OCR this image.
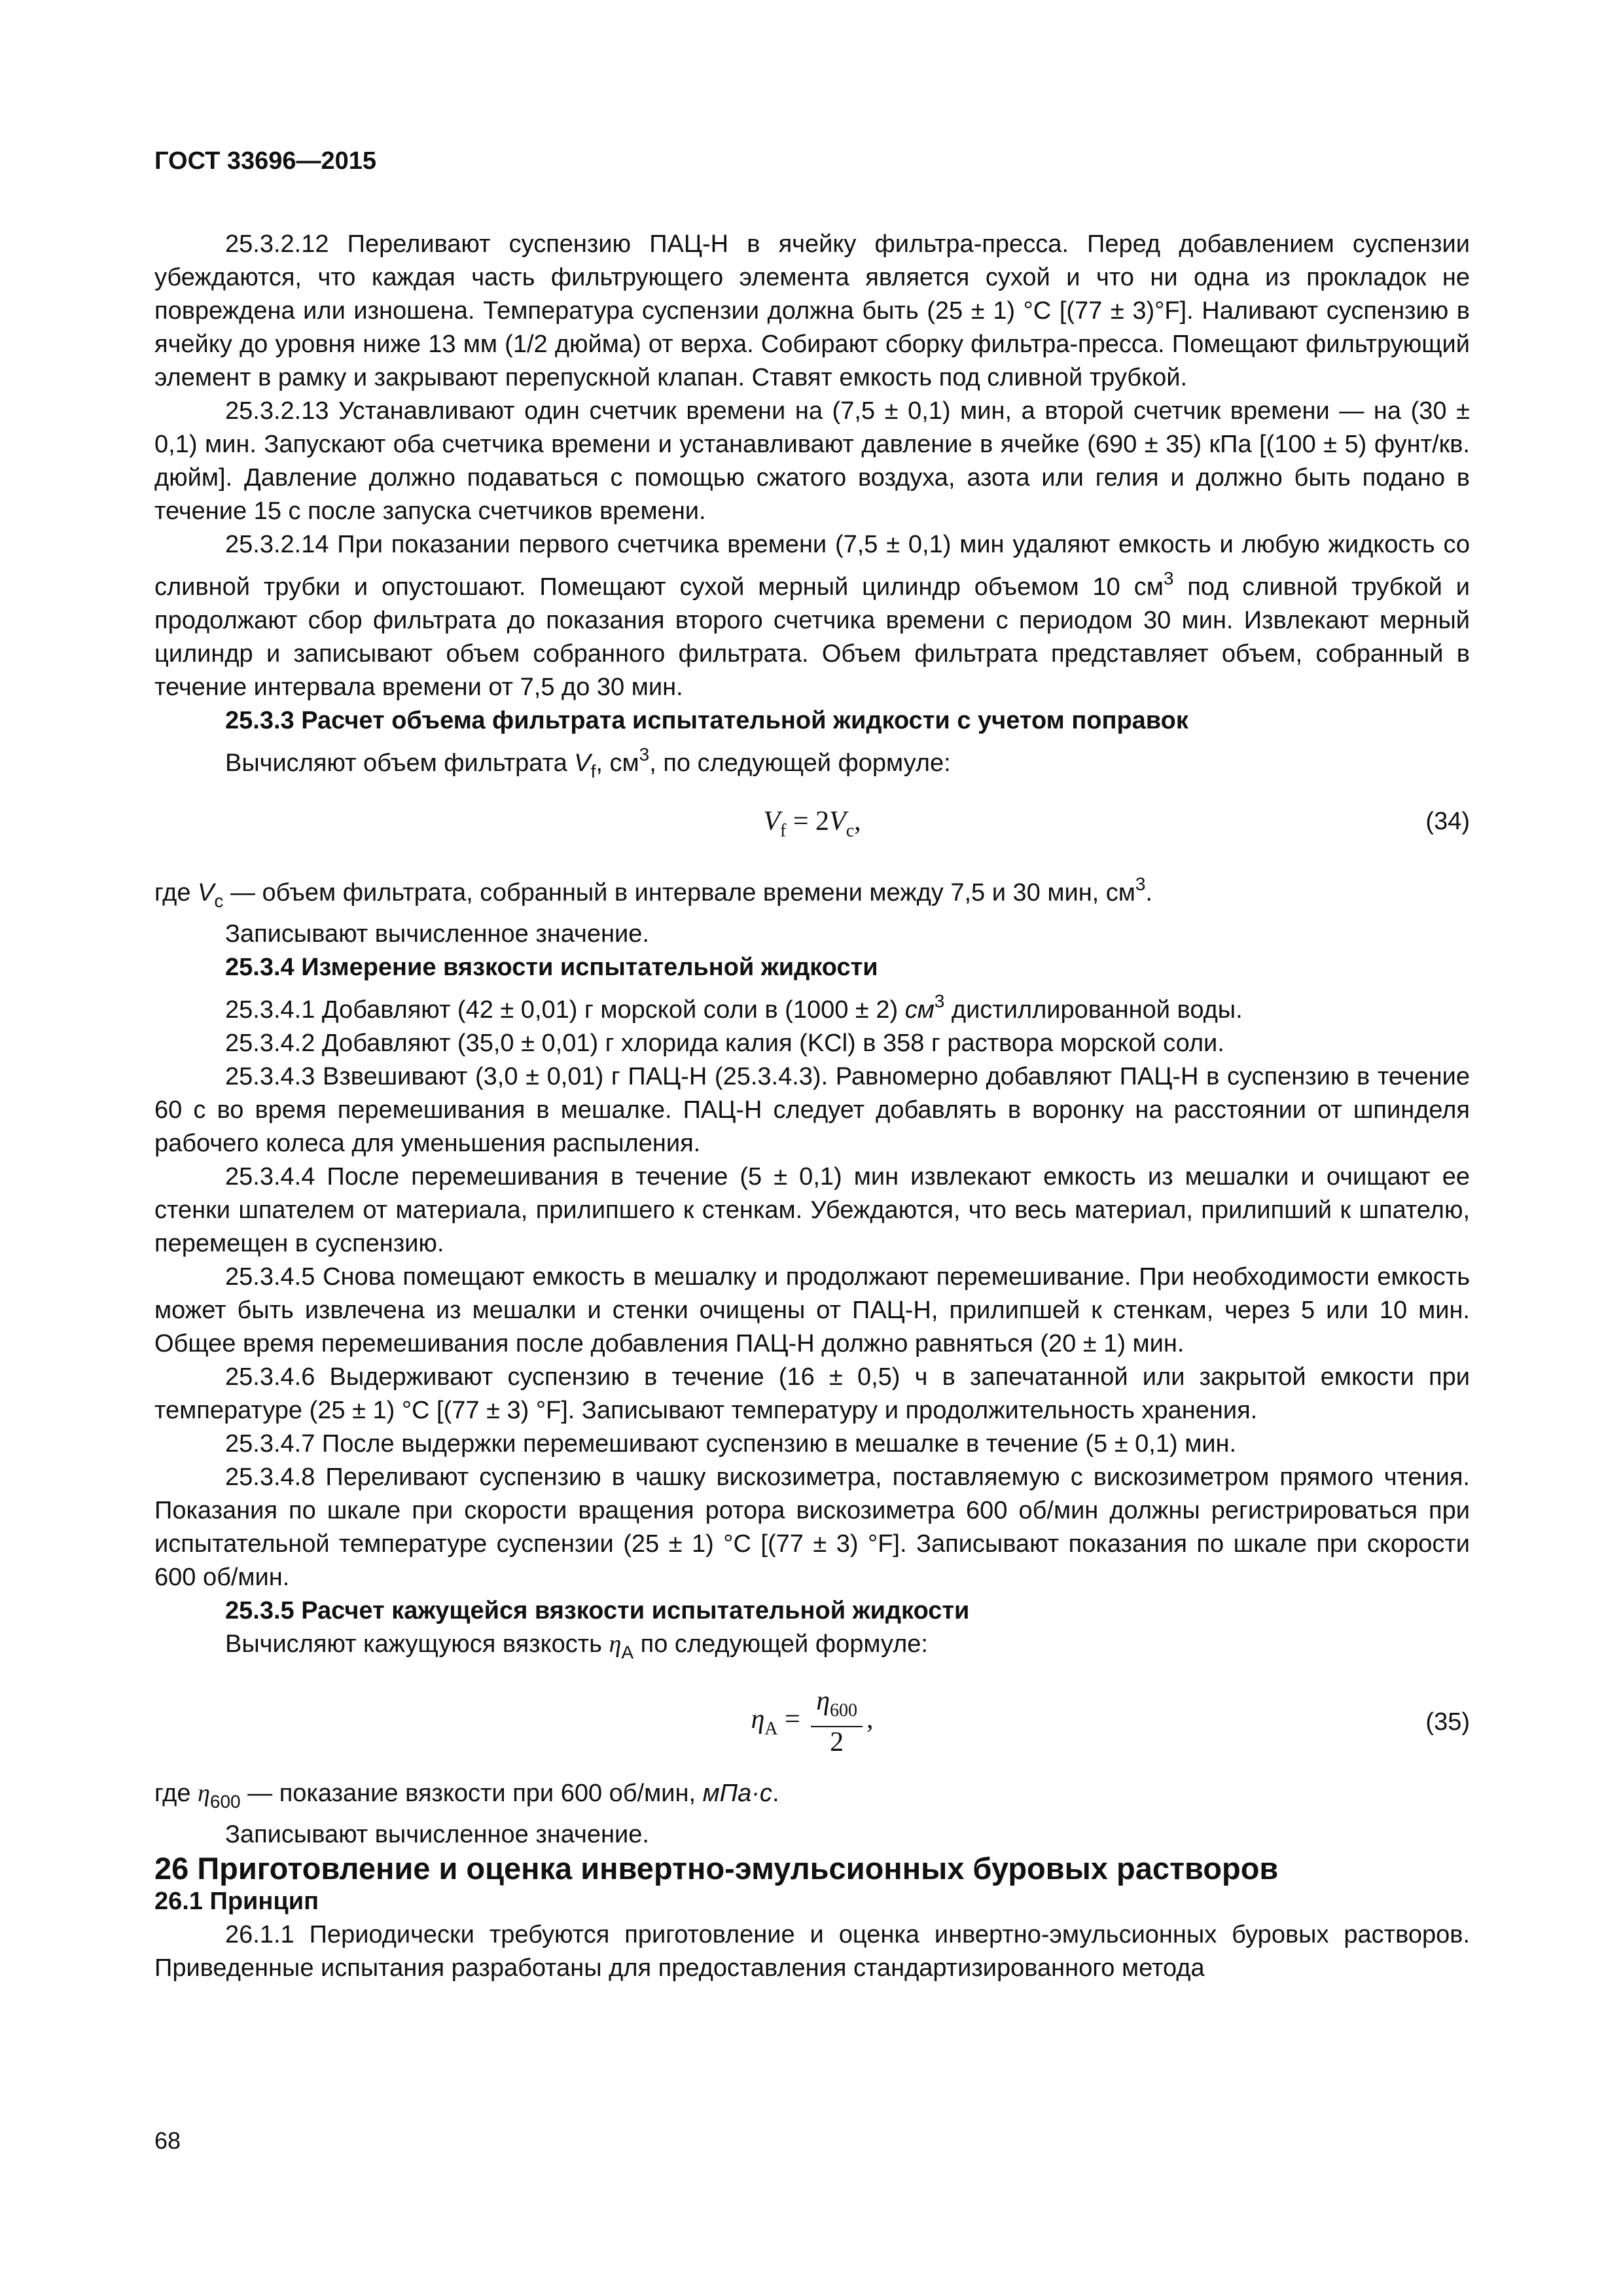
ГОСТ 33696—2015

25.3.2.12 Переливают суспензию ПАЦ-Н в ячейку фильтра-пресса. Перед добавлением суспензии убеждаются, что каждая часть фильтрующего элемента является сухой и что ни одна из прокладок не повреждена или изношена. Температура суспензии должна быть (25 ± 1) °С [(77 ± 3)°F]. Наливают суспензию в ячейку до уровня ниже 13 мм (1/2 дюйма) от верха. Собирают сборку фильтра-пресса. Помещают фильтрующий элемент в рамку и закрывают перепускной клапан. Ставят емкость под сливной трубкой.

25.3.2.13 Устанавливают один счетчик времени на (7,5 ± 0,1) мин, а второй счетчик времени — на (30 ± 0,1) мин. Запускают оба счетчика времени и устанавливают давление в ячейке (690 ± 35) кПа [(100 ± 5) фунт/кв. дюйм]. Давление должно подаваться с помощью сжатого воздуха, азота или гелия и должно быть подано в течение 15 с после запуска счетчиков времени.

25.3.2.14 При показании первого счетчика времени (7,5 ± 0,1) мин удаляют емкость и любую жидкость со сливной трубки и опустошают. Помещают сухой мерный цилиндр объемом 10 $см^3$ под сливной трубкой и продолжают сбор фильтрата до показания второго счетчика времени с периодом 30 мин. Извлекают мерный цилиндр и записывают объем собранного фильтрата. Объем фильтрата представляет объем, собранный в течение интервала времени от 7,5 до 30 мин.

25.3.3 Расчет объема фильтрата испытательной жидкости с учетом поправок

Вычисляют объем фильтрата $V_f$, $см^3$, по следующей формуле:

$V_f = 2V_c$,	(34)

где $V_c$ — объем фильтрата, собранный в интервале времени между 7,5 и 30 мин, $см^3$.

Записывают вычисленное значение.

25.3.4 Измерение вязкости испытательной жидкости

25.3.4.1 Добавляют (42 ± 0,01) г морской соли в (1000 ± 2) $см^3$ дистиллированной воды.

25.3.4.2 Добавляют (35,0 ± 0,01) г хлорида калия (KCl) в 358 г раствора морской соли.

25.3.4.3 Взвешивают (3,0 ± 0,01) г ПАЦ-Н (25.3.4.3). Равномерно добавляют ПАЦ-Н в суспензию в течение 60 с во время перемешивания в мешалке. ПАЦ-Н следует добавлять в воронку на расстоянии от шпинделя рабочего колеса для уменьшения распыления.

25.3.4.4 После перемешивания в течение (5 ± 0,1) мин извлекают емкость из мешалки и очищают ее стенки шпателем от материала, прилипшего к стенкам. Убеждаются, что весь материал, прилипший к шпателю, перемещен в суспензию.

25.3.4.5 Снова помещают емкость в мешалку и продолжают перемешивание. При необходимости емкость может быть извлечена из мешалки и стенки очищены от ПАЦ-Н, прилипшей к стенкам, через 5 или 10 мин. Общее время перемешивания после добавления ПАЦ-Н должно равняться (20 ± 1) мин.

25.3.4.6 Выдерживают суспензию в течение (16 ± 0,5) ч в запечатанной или закрытой емкости при температуре (25 ± 1) °С [(77 ± 3) °F]. Записывают температуру и продолжительность хранения.

25.3.4.7 После выдержки перемешивают суспензию в мешалке в течение (5 ± 0,1) мин.

25.3.4.8 Переливают суспензию в чашку вискозиметра, поставляемую с вискозиметром прямого чтения. Показания по шкале при скорости вращения ротора вискозиметра 600 об/мин должны регистрироваться при испытательной температуре суспензии (25 ± 1) °С [(77 ± 3) °F]. Записывают показания по шкале при скорости 600 об/мин.

25.3.5 Расчет кажущейся вязкости испытательной жидкости

Вычисляют кажущуюся вязкость $\eta_A$ по следующей формуле:

$\eta_A = \frac{\eta_{600}}{2}$ ,	(35)

где $\eta_{600}$ — показание вязкости при 600 об/мин, мПа·с.

Записывают вычисленное значение.

26 Приготовление и оценка инвертно-эмульсионных буровых растворов

26.1 Принцип

26.1.1 Периодически требуются приготовление и оценка инвертно-эмульсионных буровых растворов. Приведенные испытания разработаны для предоставления стандартизированного метода

68
